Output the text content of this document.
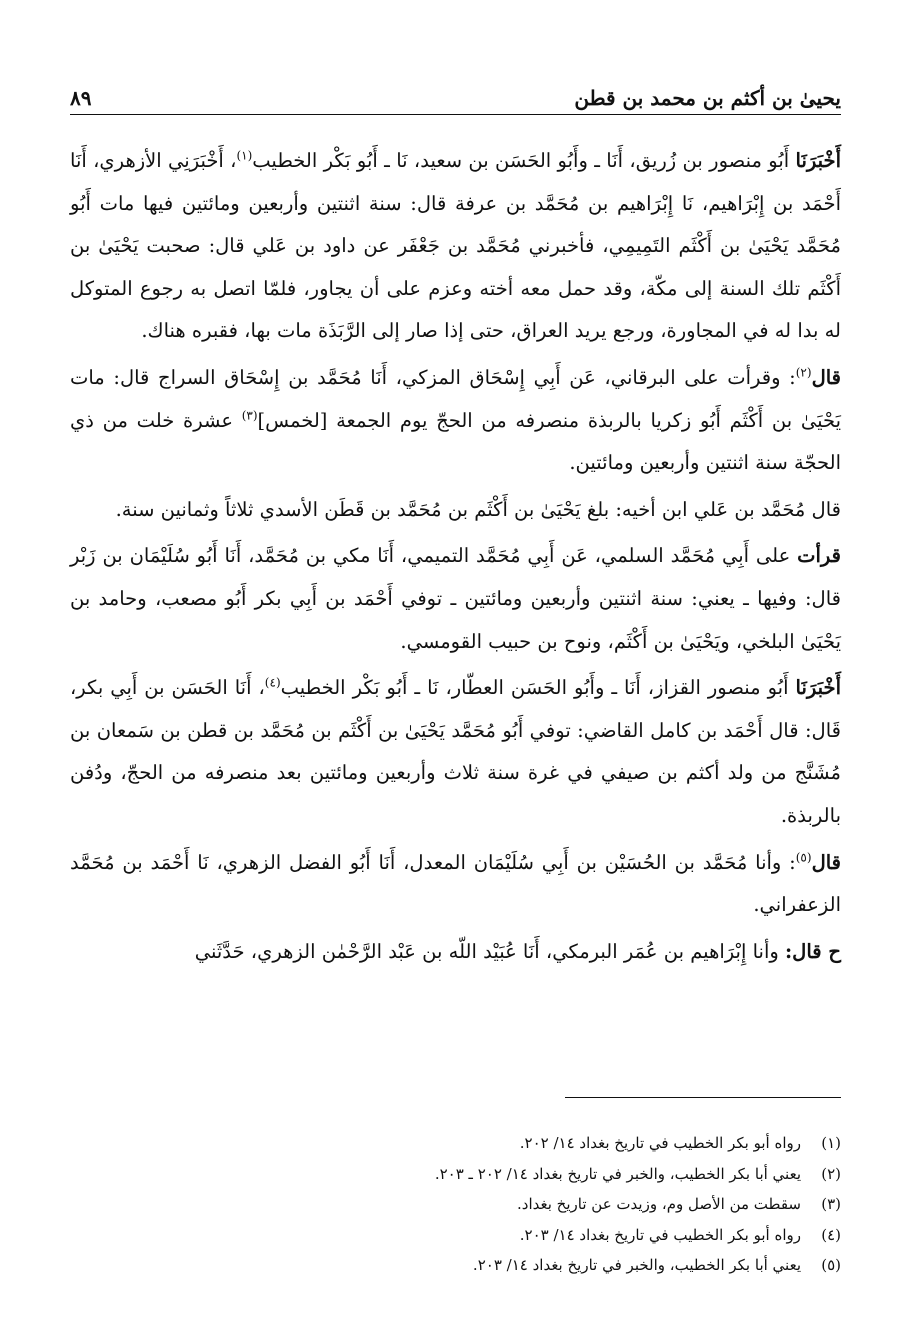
يحيىٰ بن أكثم بن محمد بن قطن
٨٩

أَخْبَرَنَا أَبُو منصور بن زُريق، أَنَا ـ وأَبُو الحَسَن بن سعيد، نَا ـ أَبُو بَكْر الخطيب$^{(١)}$، أَخْبَرَنِي الأزهري، أَنَا أَحْمَد بن إِبْرَاهيم، نَا إِبْرَاهيم بن مُحَمَّد بن عرفة قال: سنة اثنتين وأربعين ومائتين فيها مات أَبُو مُحَمَّد يَحْيَىٰ بن أَكْثَم التَمِيمِي، فأخبرني مُحَمَّد بن جَعْفَر عن داود بن عَلي قال: صحبت يَحْيَىٰ بن أَكْثَم تلك السنة إلى مكّة، وقد حمل معه أخته وعزم على أن يجاور، فلمّا اتصل به رجوع المتوكل له بدا له في المجاورة، ورجع يريد العراق، حتى إذا صار إلى الرَّبَذَة مات بها، فقبره هناك.

قال$^{(٢)}$: وقرأت على البرقاني، عَن أَبِي إِسْحَاق المزكي، أَنَا مُحَمَّد بن إِسْحَاق السراج قال: مات يَحْيَىٰ بن أَكْثَم أَبُو زكريا بالربذة منصرفه من الحجّ يوم الجمعة [لخمس]$^{(٣)}$ عشرة خلت من ذي الحجّة سنة اثنتين وأربعين ومائتين.

قال مُحَمَّد بن عَلي ابن أخيه: بلغ يَحْيَىٰ بن أَكْثَم بن مُحَمَّد بن قَطَن الأسدي ثلاثاً وثمانين سنة.

قرأت على أَبِي مُحَمَّد السلمي، عَن أَبِي مُحَمَّد التميمي، أَنَا مكي بن مُحَمَّد، أَنَا أَبُو سُلَيْمَان بن زَبْر قال: وفيها ـ يعني: سنة اثنتين وأربعين ومائتين ـ توفي أَحْمَد بن أَبِي بكر أَبُو مصعب، وحامد بن يَحْيَىٰ البلخي، ويَحْيَىٰ بن أَكْثَم، ونوح بن حبيب القومسي.

أَخْبَرَنَا أَبُو منصور القزاز، أَنَا ـ وأَبُو الحَسَن العطّار، نَا ـ أَبُو بَكْر الخطيب$^{(٤)}$، أَنَا الحَسَن بن أَبِي بكر، قَال: قال أَحْمَد بن كامل القاضي: توفي أَبُو مُحَمَّد يَحْيَىٰ بن أَكْثَم بن مُحَمَّد بن قطن بن سَمعان بن مُشَنَّج من ولد أكثم بن صيفي في غرة سنة ثلاث وأربعين ومائتين بعد منصرفه من الحجّ، ودُفن بالربذة.

قال$^{(٥)}$: وأنا مُحَمَّد بن الحُسَيْن بن أَبِي سُلَيْمَان المعدل، أَنَا أَبُو الفضل الزهري، نَا أَحْمَد بن مُحَمَّد الزعفراني.

ح قال: وأنا إِبْرَاهيم بن عُمَر البرمكي، أَنَا عُبَيْد اللّه بن عَبْد الرَّحْمٰن الزهري، حَدَّثَني

(١)
رواه أبو بكر الخطيب في تاريخ بغداد ١٤/ ٢٠٢.
(٢)
يعني أبا بكر الخطيب، والخبر في تاريخ بغداد ١٤/ ٢٠٢ ـ ٢٠٣.
(٣)
سقطت من الأصل وم، وزيدت عن تاريخ بغداد.
(٤)
رواه أبو بكر الخطيب في تاريخ بغداد ١٤/ ٢٠٣.
(٥)
يعني أبا بكر الخطيب، والخبر في تاريخ بغداد ١٤/ ٢٠٣.
